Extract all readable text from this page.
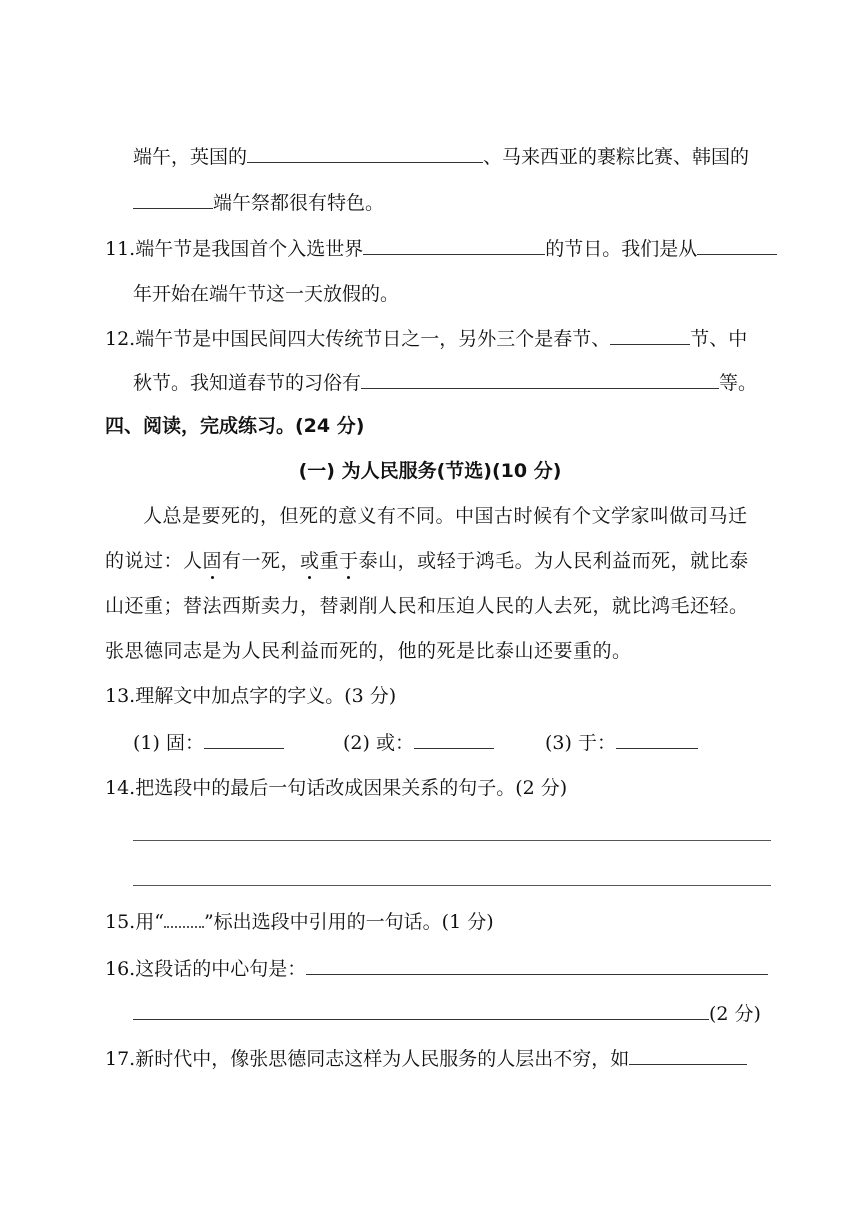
端午，英国的	、马来西亚的裹粽比赛、韩国的
端午祭都很有特色。
11.端午节是我国首个入选世界	的节日。我们是从
年开始在端午节这一天放假的。
12.端午节是中国民间四大传统节日之一，另外三个是春节、	节、中
秋节。我知道春节的习俗有	等。
四、阅读，完成练习。(24 分)
(一) 为人民服务(节选)(10 分)
人总是要死的，但死的意义有不同。中国古时候有个文学家叫做司马迁
的说过：人固有一死，或重于泰山，或轻于鸿毛。为人民利益而死，就比泰
山还重；替法西斯卖力，替剥削人民和压迫人民的人去死，就比鸿毛还轻。
张思德同志是为人民利益而死的，他的死是比泰山还要重的。
13.理解文中加点字的字义。(3 分)
(1) 固：	(2) 或：	(3) 于：
14.把选段中的最后一句话改成因果关系的句子。(2 分)
15.用“ ”标出选段中引用的一句话。(1 分)
16.这段话的中心句是：
(2 分)
17.新时代中，像张思德同志这样为人民服务的人层出不穷，如
